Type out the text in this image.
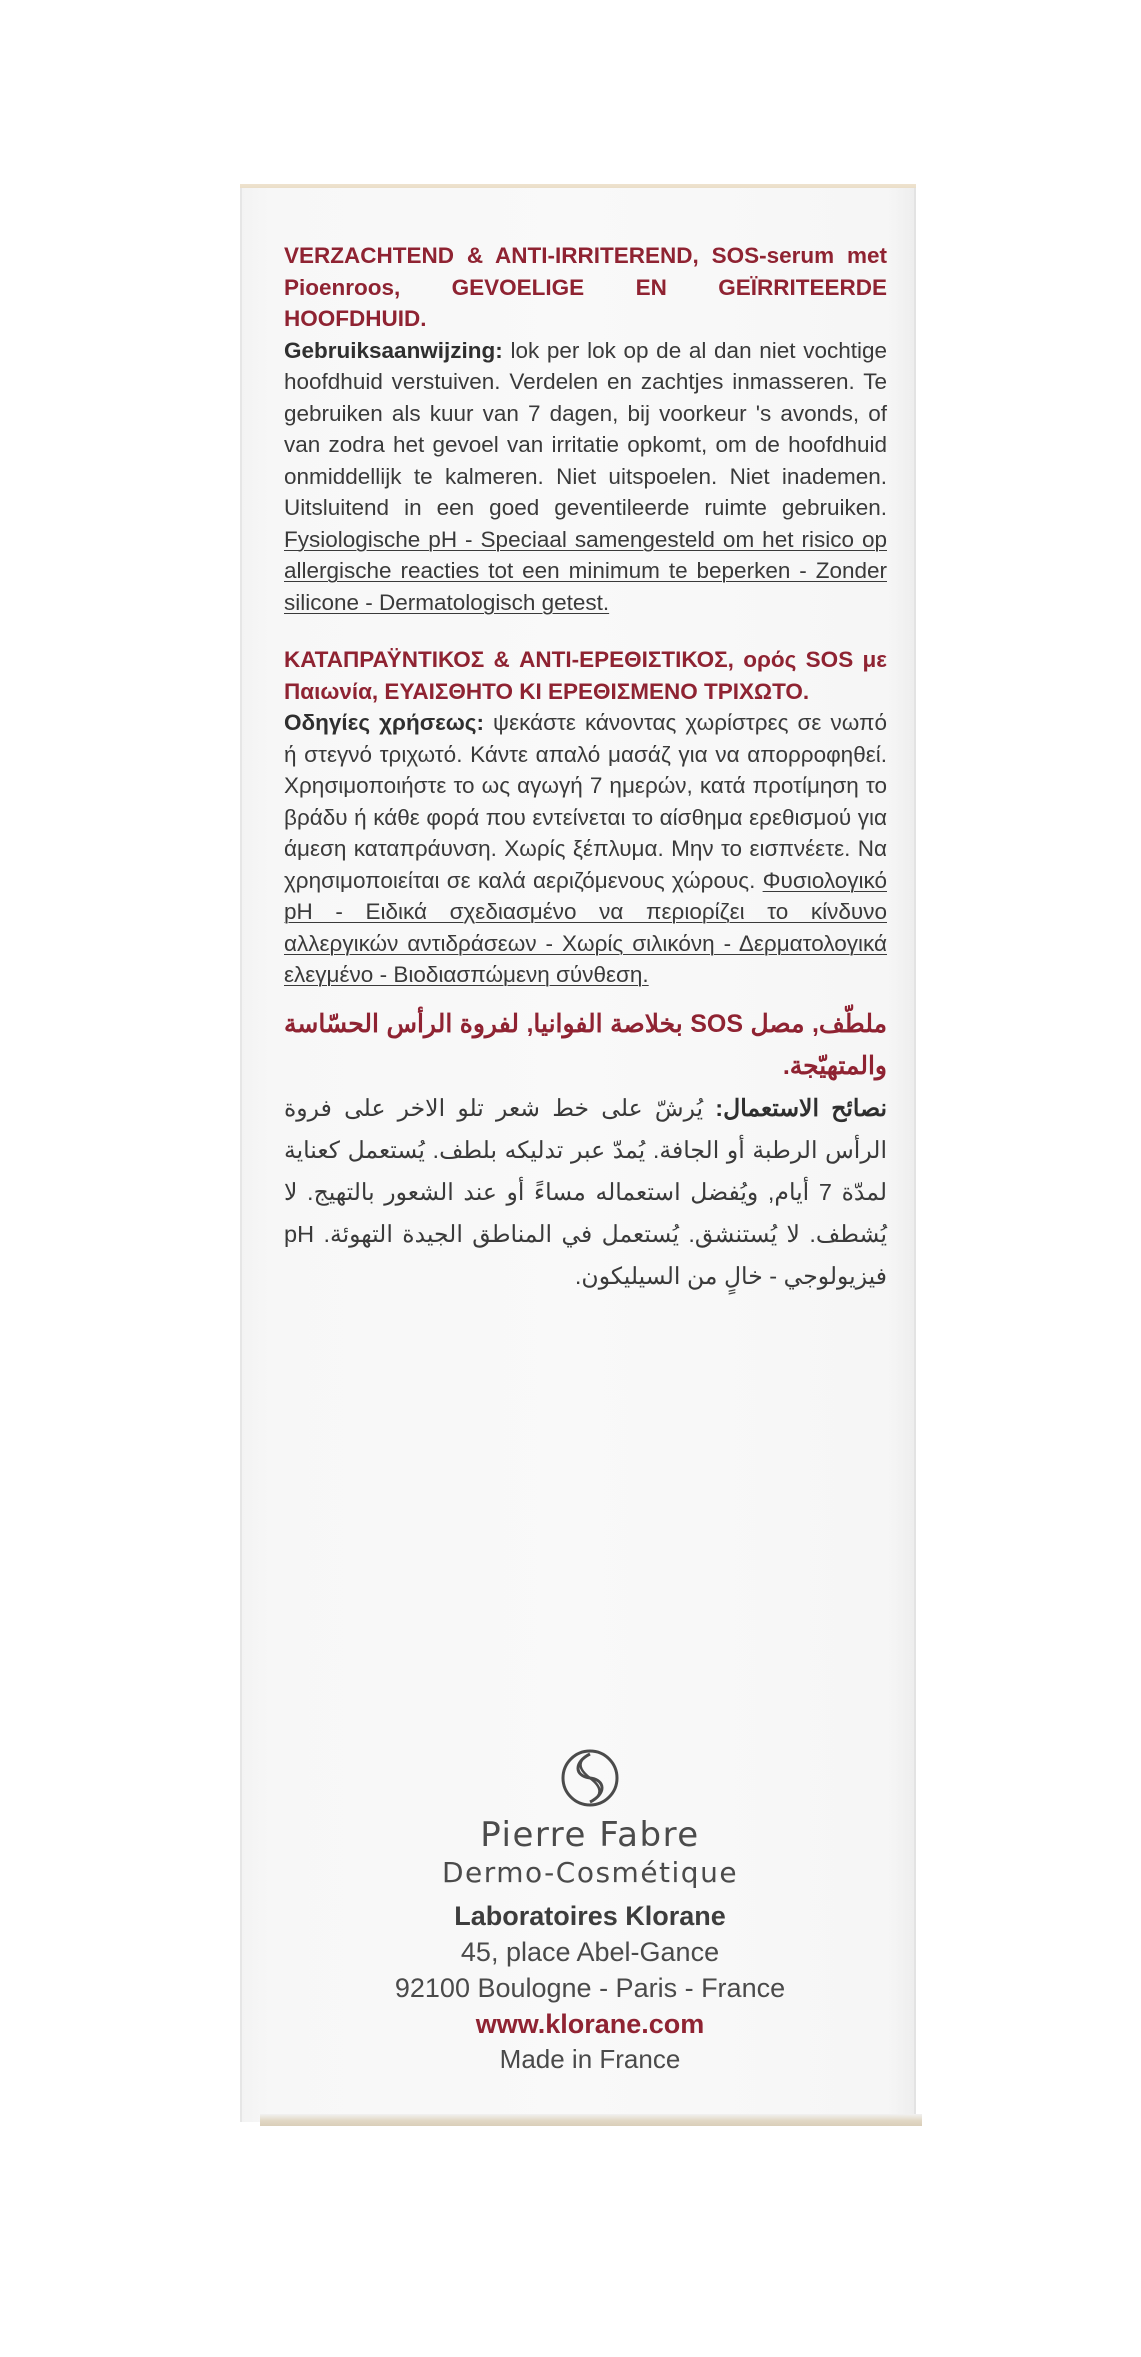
VERZACHTEND & ANTI-IRRITEREND, SOS-serum met Pioenroos, GEVOELIGE EN GEÏRRITEERDE HOOFDHUID.
Gebruiksaanwijzing: lok per lok op de al dan niet vochtige hoofdhuid verstuiven. Verdelen en zachtjes inmasseren. Te gebruiken als kuur van 7 dagen, bij voorkeur 's avonds, of van zodra het gevoel van irritatie opkomt, om de hoofdhuid onmiddellijk te kalmeren. Niet uitspoelen. Niet inademen. Uitsluitend in een goed geventileerde ruimte gebruiken. Fysiologische pH - Speciaal samengesteld om het risico op allergische reacties tot een minimum te beperken - Zonder silicone - Dermatologisch getest.
ΚΑΤΑΠΡΑΫΝΤΙΚΟΣ & ANTI-ΕΡΕΘΙΣΤΙΚΟΣ, ορός SOS με Παιωνία, ΕΥΑΙΣΘΗΤΟ ΚΙ ΕΡΕΘΙΣΜΕΝΟ ΤΡΙΧΩΤΟ.
Οδηγίες χρήσεως: ψεκάστε κάνοντας χωρίστρες σε νωπό ή στεγνό τριχωτό. Κάντε απαλό μασάζ για να απορροφηθεί. Χρησιμοποιήστε το ως αγωγή 7 ημερών, κατά προτίμηση το βράδυ ή κάθε φορά που εντείνεται το αίσθημα ερεθισμού για άμεση καταπράυνση. Χωρίς ξέπλυμα. Μην το εισπνέετε. Να χρησιμοποιείται σε καλά αεριζόμενους χώρους. Φυσιολογικό pH - Ειδικά σχεδιασμένο να περιορίζει το κίνδυνο αλλεργικών αντιδράσεων - Χωρίς σιλικόνη - Δερματολογικά ελεγμένο - Βιοδιασπώμενη σύνθεση.
ملطّف, مصل SOS بخلاصة الفوانيا, لفروة الرأس الحسّاسة والمتهيّجة.
نصائح الاستعمال: يُرشّ على خط شعر تلو الاخر على فروة الرأس الرطبة أو الجافة. يُمدّ عبر تدليكه بلطف. يُستعمل كعناية لمدّة 7 أيام, ويُفضل استعماله مساءً أو عند الشعور بالتهيج. لا يُشطف. لا يُستنشق. يُستعمل في المناطق الجيدة التهوئة. pH فيزيولوجي - خالٍ من السيليكون.
Pierre Fabre
Dermo-Cosmétique
Laboratoires Klorane
45, place Abel-Gance
92100 Boulogne - Paris - France
www.klorane.com
Made in France
